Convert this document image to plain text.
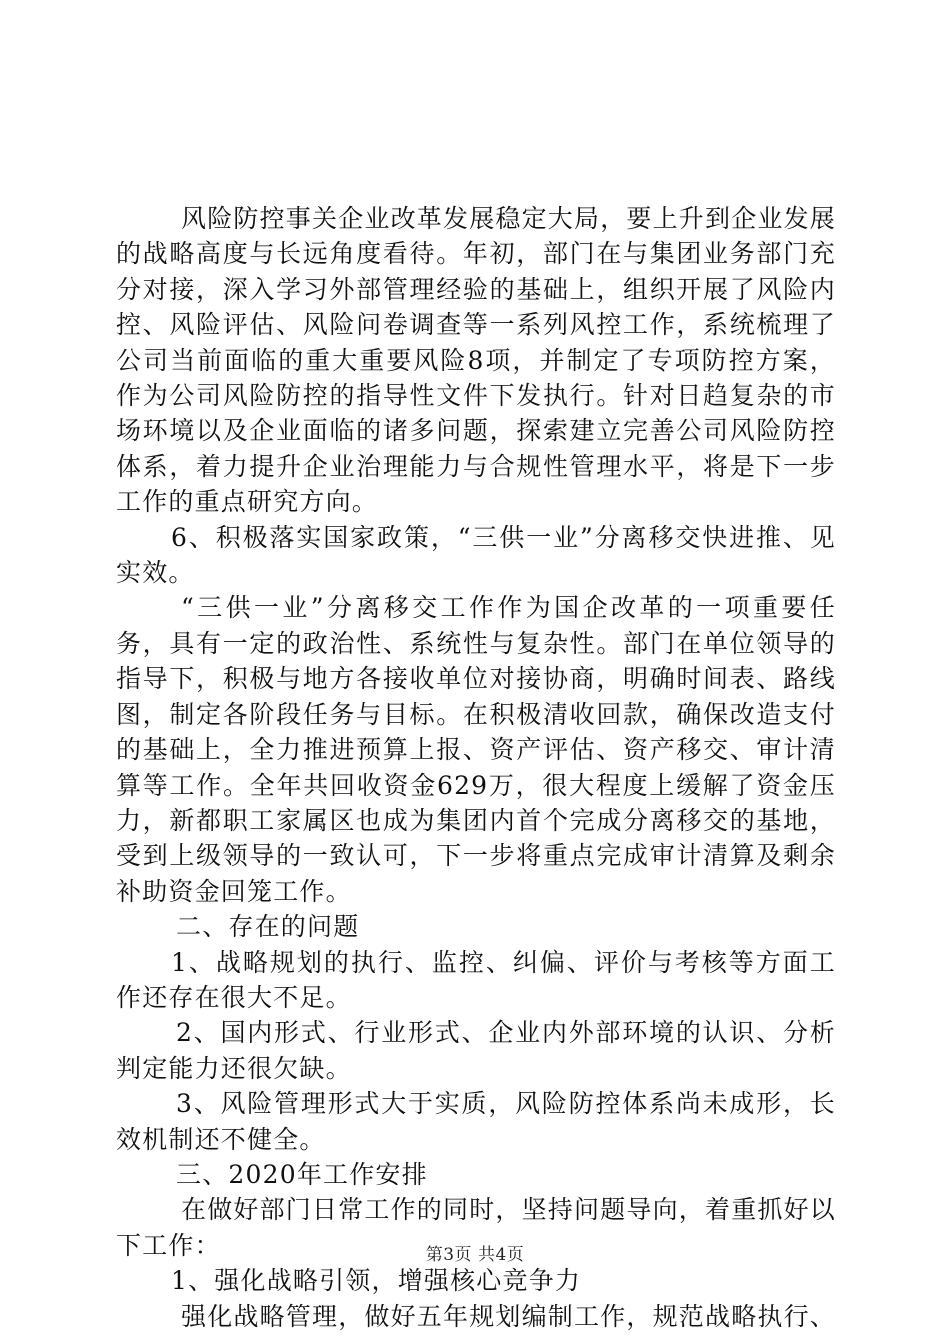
风险防控事关企业改革发展稳定大局，要上升到企业发展的战略高度与长远角度看待。年初，部门在与集团业务部门充分对接，深入学习外部管理经验的基础上，组织开展了风险内控、风险评估、风险问卷调查等一系列风控工作，系统梳理了公司当前面临的重大重要风险8项，并制定了专项防控方案，作为公司风险防控的指导性文件下发执行。针对日趋复杂的市场环境以及企业面临的诸多问题，探索建立完善公司风险防控体系，着力提升企业治理能力与合规性管理水平，将是下一步工作的重点研究方向。

6、积极落实国家政策，“三供一业”分离移交快进推、见实效。

“三供一业”分离移交工作作为国企改革的一项重要任务，具有一定的政治性、系统性与复杂性。部门在单位领导的指导下，积极与地方各接收单位对接协商，明确时间表、路线图，制定各阶段任务与目标。在积极清收回款，确保改造支付的基础上，全力推进预算上报、资产评估、资产移交、审计清算等工作。全年共回收资金629万，很大程度上缓解了资金压力，新都职工家属区也成为集团内首个完成分离移交的基地，受到上级领导的一致认可，下一步将重点完成审计清算及剩余补助资金回笼工作。

二、存在的问题

1、战略规划的执行、监控、纠偏、评价与考核等方面工作还存在很大不足。

2、国内形式、行业形式、企业内外部环境的认识、分析判定能力还很欠缺。

3、风险管理形式大于实质，风险防控体系尚未成形，长效机制还不健全。

三、2020年工作安排

在做好部门日常工作的同时，坚持问题导向，着重抓好以下工作：

1、强化战略引领，增强核心竞争力

强化战略管理，做好五年规划编制工作，规范战略执行、

第3页 共4页
